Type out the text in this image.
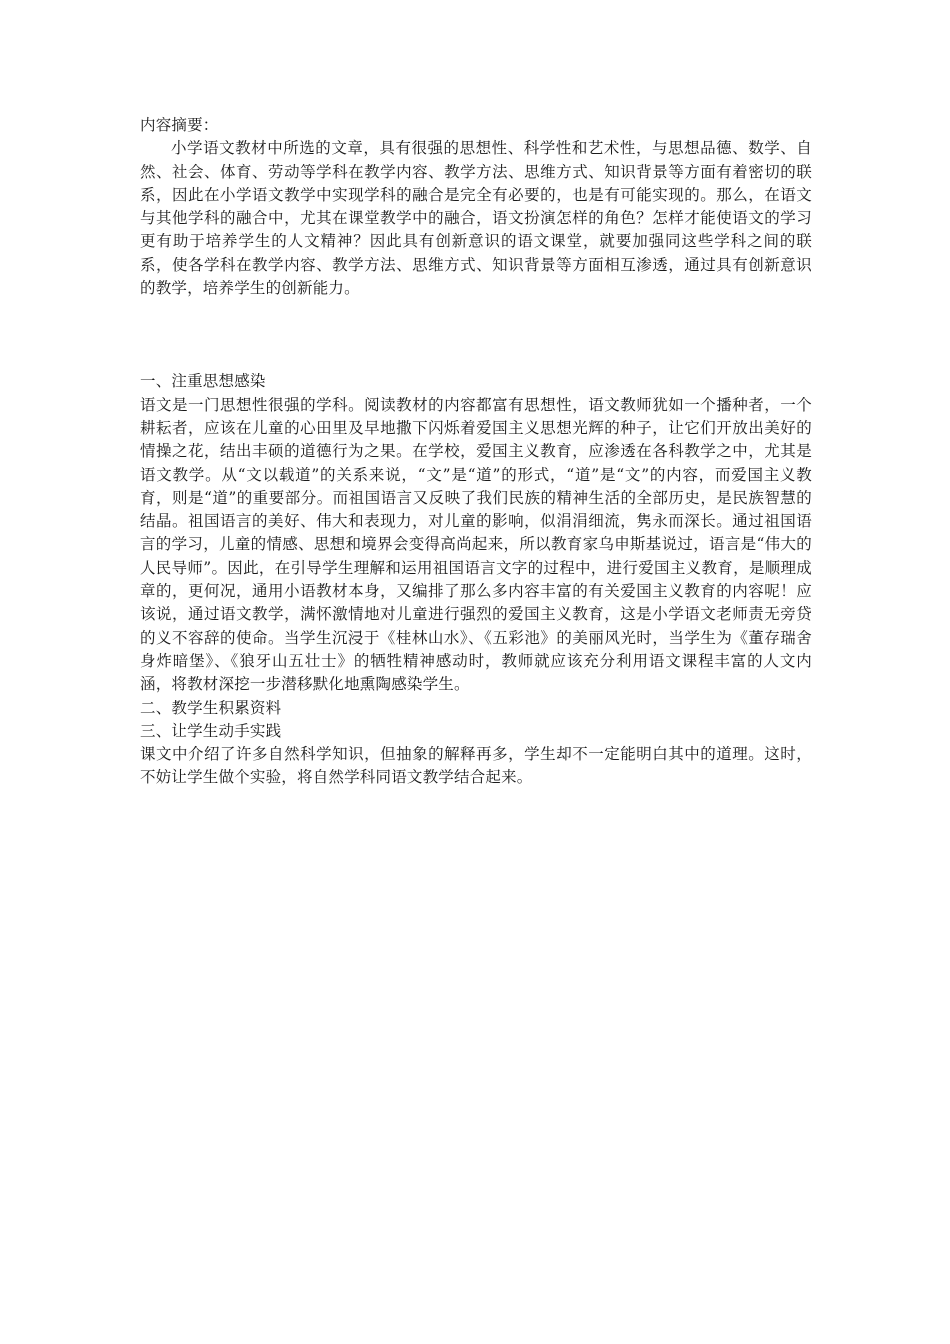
内容摘要：

小学语文教材中所选的文章，具有很强的思想性、科学性和艺术性，与思想品德、数学、自然、社会、体育、劳动等学科在教学内容、教学方法、思维方式、知识背景等方面有着密切的联系，因此在小学语文教学中实现学科的融合是完全有必要的，也是有可能实现的。那么，在语文与其他学科的融合中，尤其在课堂教学中的融合，语文扮演怎样的角色？怎样才能使语文的学习更有助于培养学生的人文精神？因此具有创新意识的语文课堂，就要加强同这些学科之间的联系，使各学科在教学内容、教学方法、思维方式、知识背景等方面相互渗透，通过具有创新意识的教学，培养学生的创新能力。

一、注重思想感染

语文是一门思想性很强的学科。阅读教材的内容都富有思想性，语文教师犹如一个播种者，一个耕耘者，应该在儿童的心田里及早地撒下闪烁着爱国主义思想光辉的种子，让它们开放出美好的情操之花，结出丰硕的道德行为之果。在学校，爱国主义教育，应渗透在各科教学之中，尤其是语文教学。从“文以载道”的关系来说，“文”是“道”的形式，“道”是“文”的内容，而爱国主义教育，则是“道”的重要部分。而祖国语言又反映了我们民族的精神生活的全部历史，是民族智慧的结晶。祖国语言的美好、伟大和表现力，对儿童的影响，似涓涓细流，隽永而深长。通过祖国语言的学习，儿童的情感、思想和境界会变得高尚起来，所以教育家乌申斯基说过，语言是“伟大的人民导师”。因此，在引导学生理解和运用祖国语言文字的过程中，进行爱国主义教育，是顺理成章的，更何况，通用小语教材本身，又编排了那么多内容丰富的有关爱国主义教育的内容呢！应该说，通过语文教学，满怀激情地对儿童进行强烈的爱国主义教育，这是小学语文老师责无旁贷的义不容辞的使命。当学生沉浸于《桂林山水》、《五彩池》的美丽风光时，当学生为《董存瑞舍身炸暗堡》、《狼牙山五壮士》的牺牲精神感动时，教师就应该充分利用语文课程丰富的人文内涵，将教材深挖一步潜移默化地熏陶感染学生。

二、教学生积累资料

三、让学生动手实践

课文中介绍了许多自然科学知识，但抽象的解释再多，学生却不一定能明白其中的道理。这时，不妨让学生做个实验，将自然学科同语文教学结合起来。
